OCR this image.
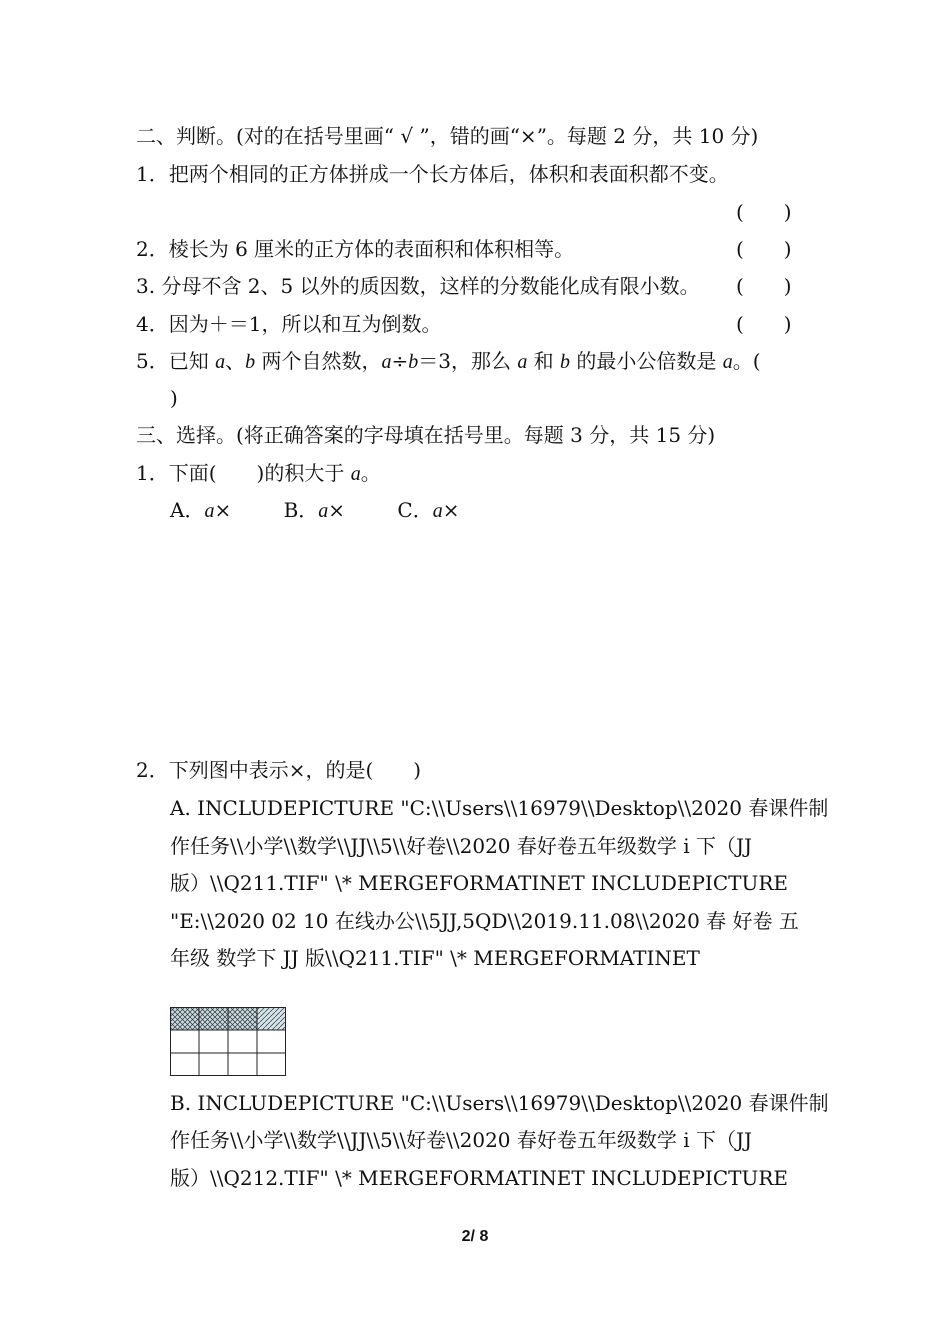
二、判断。(对的在括号里画“ √ ”，错的画“×”。每题 2 分，共 10 分)
1．把两个相同的正方体拼成一个长方体后，体积和表面积都不变。
(　　)
2．棱长为 6 厘米的正方体的表面积和体积相等。	(　　)
3. 分母不含 2、5 以外的质因数，这样的分数能化成有限小数。 (　　)
4．因为＋＝1，所以和互为倒数。	(　　)
5．已知 a、b 两个自然数，a÷b＝3，那么 a 和 b 的最小公倍数是 a。(
)
三、选择。(将正确答案的字母填在括号里。每题 3 分，共 15 分)
1．下面(　　)的积大于 a。
A．a×	B．a×	C．a×
2．下列图中表示×，的是(　　)
A. INCLUDEPICTURE "C:\\Users\\16979\\Desktop\\2020 春课件制
作任务\\小学\\数学\\JJ\\5\\好卷\\2020 春好卷五年级数学 i 下（JJ
版）\\Q211.TIF" \* MERGEFORMATINET INCLUDEPICTURE
"E:\\2020 02 10 在线办公\\5JJ,5QD\\2019.11.08\\2020 春 好卷 五
年级 数学下 JJ 版\\Q211.TIF" \* MERGEFORMATINET
B. INCLUDEPICTURE "C:\\Users\\16979\\Desktop\\2020 春课件制
作任务\\小学\\数学\\JJ\\5\\好卷\\2020 春好卷五年级数学 i 下（JJ
版）\\Q212.TIF" \* MERGEFORMATINET INCLUDEPICTURE
2/ 8
